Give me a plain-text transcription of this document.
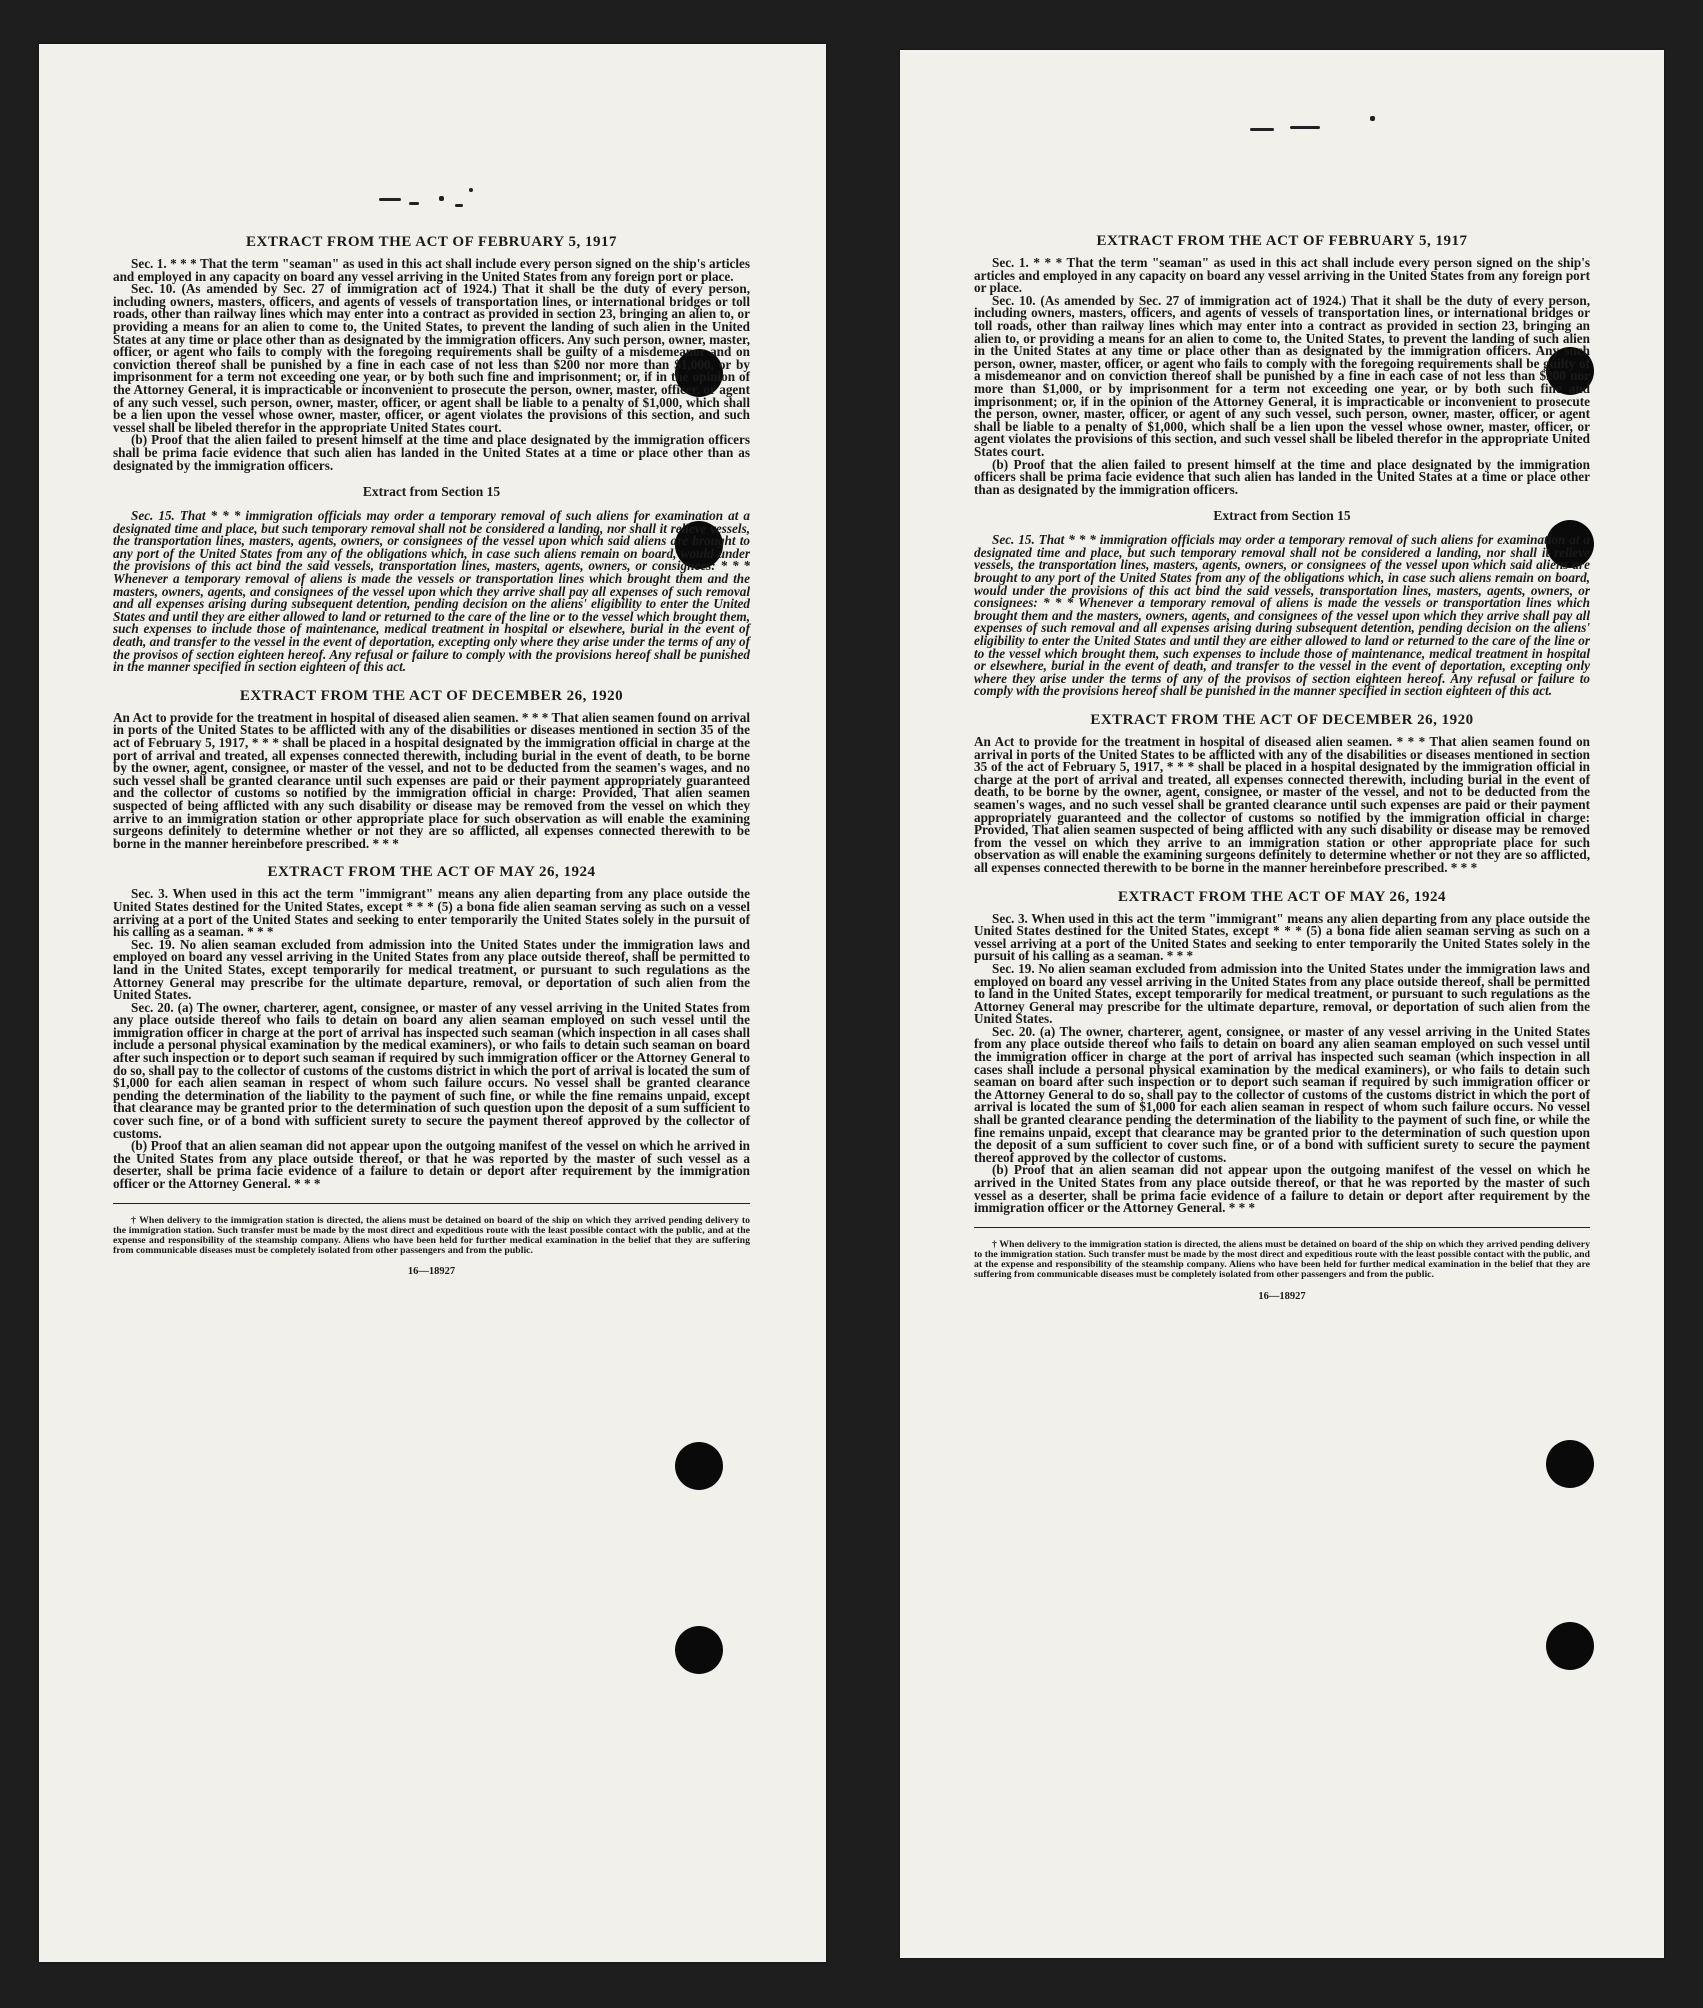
EXTRACT FROM THE ACT OF FEBRUARY 5, 1917

Sec. 1. * * * That the term "seaman" as used in this act shall include every person signed on the ship's articles and employed in any capacity on board any vessel arriving in the United States from any foreign port or place.

Sec. 10. (As amended by Sec. 27 of immigration act of 1924.) That it shall be the duty of every person, including owners, masters, officers, and agents of vessels of transportation lines, or international bridges or toll roads, other than railway lines which may enter into a contract as provided in section 23, bringing an alien to, or providing a means for an alien to come to, the United States, to prevent the landing of such alien in the United States at any time or place other than as designated by the immigration officers. Any such person, owner, master, officer, or agent who fails to comply with the foregoing requirements shall be guilty of a misdemeanor and on conviction thereof shall be punished by a fine in each case of not less than $200 nor more than $1,000, or by imprisonment for a term not exceeding one year, or by both such fine and imprisonment; or, if in the opinion of the Attorney General, it is impracticable or inconvenient to prosecute the person, owner, master, officer, or agent of any such vessel, such person, owner, master, officer, or agent shall be liable to a penalty of $1,000, which shall be a lien upon the vessel whose owner, master, officer, or agent violates the provisions of this section, and such vessel shall be libeled therefor in the appropriate United States court.

(b) Proof that the alien failed to present himself at the time and place designated by the immigration officers shall be prima facie evidence that such alien has landed in the United States at a time or place other than as designated by the immigration officers.

Extract from Section 15

Sec. 15. That * * * immigration officials may order a temporary removal of such aliens for examination at a designated time and place, but such temporary removal shall not be considered a landing, nor shall it relieve vessels, the transportation lines, masters, agents, owners, or consignees of the vessel upon which said aliens are brought to any port of the United States from any of the obligations which, in case such aliens remain on board, would under the provisions of this act bind the said vessels, transportation lines, masters, agents, owners, or consignees: * * * Whenever a temporary removal of aliens is made the vessels or transportation lines which brought them and the masters, owners, agents, and consignees of the vessel upon which they arrive shall pay all expenses of such removal and all expenses arising during subsequent detention, pending decision on the aliens' eligibility to enter the United States and until they are either allowed to land or returned to the care of the line or to the vessel which brought them, such expenses to include those of maintenance, medical treatment in hospital or elsewhere, burial in the event of death, and transfer to the vessel in the event of deportation, excepting only where they arise under the terms of any of the provisos of section eighteen hereof. Any refusal or failure to comply with the provisions hereof shall be punished in the manner specified in section eighteen of this act.

EXTRACT FROM THE ACT OF DECEMBER 26, 1920

An Act to provide for the treatment in hospital of diseased alien seamen. * * * That alien seamen found on arrival in ports of the United States to be afflicted with any of the disabilities or diseases mentioned in section 35 of the act of February 5, 1917, * * * shall be placed in a hospital designated by the immigration official in charge at the port of arrival and treated, all expenses connected therewith, including burial in the event of death, to be borne by the owner, agent, consignee, or master of the vessel, and not to be deducted from the seamen's wages, and no such vessel shall be granted clearance until such expenses are paid or their payment appropriately guaranteed and the collector of customs so notified by the immigration official in charge: Provided, That alien seamen suspected of being afflicted with any such disability or disease may be removed from the vessel on which they arrive to an immigration station or other appropriate place for such observation as will enable the examining surgeons definitely to determine whether or not they are so afflicted, all expenses connected therewith to be borne in the manner hereinbefore prescribed. * * *

EXTRACT FROM THE ACT OF MAY 26, 1924

Sec. 3. When used in this act the term "immigrant" means any alien departing from any place outside the United States destined for the United States, except * * * (5) a bona fide alien seaman serving as such on a vessel arriving at a port of the United States and seeking to enter temporarily the United States solely in the pursuit of his calling as a seaman. * * *

Sec. 19. No alien seaman excluded from admission into the United States under the immigration laws and employed on board any vessel arriving in the United States from any place outside thereof, shall be permitted to land in the United States, except temporarily for medical treatment, or pursuant to such regulations as the Attorney General may prescribe for the ultimate departure, removal, or deportation of such alien from the United States.

Sec. 20. (a) The owner, charterer, agent, consignee, or master of any vessel arriving in the United States from any place outside thereof who fails to detain on board any alien seaman employed on such vessel until the immigration officer in charge at the port of arrival has inspected such seaman (which inspection in all cases shall include a personal physical examination by the medical examiners), or who fails to detain such seaman on board after such inspection or to deport such seaman if required by such immigration officer or the Attorney General to do so, shall pay to the collector of customs of the customs district in which the port of arrival is located the sum of $1,000 for each alien seaman in respect of whom such failure occurs. No vessel shall be granted clearance pending the determination of the liability to the payment of such fine, or while the fine remains unpaid, except that clearance may be granted prior to the determination of such question upon the deposit of a sum sufficient to cover such fine, or of a bond with sufficient surety to secure the payment thereof approved by the collector of customs.

(b) Proof that an alien seaman did not appear upon the outgoing manifest of the vessel on which he arrived in the United States from any place outside thereof, or that he was reported by the master of such vessel as a deserter, shall be prima facie evidence of a failure to detain or deport after requirement by the immigration officer or the Attorney General. * * *

† When delivery to the immigration station is directed, the aliens must be detained on board of the ship on which they arrived pending delivery to the immigration station. Such transfer must be made by the most direct and expeditious route with the least possible contact with the public, and at the expense and responsibility of the steamship company. Aliens who have been held for further medical examination in the belief that they are suffering from communicable diseases must be completely isolated from other passengers and from the public.

16—18927
EXTRACT FROM THE ACT OF FEBRUARY 5, 1917

Sec. 1. * * * That the term "seaman" as used in this act shall include every person signed on the ship's articles and employed in any capacity on board any vessel arriving in the United States from any foreign port or place.

Sec. 10. (As amended by Sec. 27 of immigration act of 1924.) That it shall be the duty of every person, including owners, masters, officers, and agents of vessels of transportation lines, or international bridges or toll roads, other than railway lines which may enter into a contract as provided in section 23, bringing an alien to, or providing a means for an alien to come to, the United States, to prevent the landing of such alien in the United States at any time or place other than as designated by the immigration officers. Any such person, owner, master, officer, or agent who fails to comply with the foregoing requirements shall be guilty of a misdemeanor and on conviction thereof shall be punished by a fine in each case of not less than $200 nor more than $1,000, or by imprisonment for a term not exceeding one year, or by both such fine and imprisonment; or, if in the opinion of the Attorney General, it is impracticable or inconvenient to prosecute the person, owner, master, officer, or agent of any such vessel, such person, owner, master, officer, or agent shall be liable to a penalty of $1,000, which shall be a lien upon the vessel whose owner, master, officer, or agent violates the provisions of this section, and such vessel shall be libeled therefor in the appropriate United States court.

(b) Proof that the alien failed to present himself at the time and place designated by the immigration officers shall be prima facie evidence that such alien has landed in the United States at a time or place other than as designated by the immigration officers.

Extract from Section 15

Sec. 15. That * * * immigration officials may order a temporary removal of such aliens for examination at a designated time and place, but such temporary removal shall not be considered a landing, nor shall it relieve vessels, the transportation lines, masters, agents, owners, or consignees of the vessel upon which said aliens are brought to any port of the United States from any of the obligations which, in case such aliens remain on board, would under the provisions of this act bind the said vessels, transportation lines, masters, agents, owners, or consignees: * * * Whenever a temporary removal of aliens is made the vessels or transportation lines which brought them and the masters, owners, agents, and consignees of the vessel upon which they arrive shall pay all expenses of such removal and all expenses arising during subsequent detention, pending decision on the aliens' eligibility to enter the United States and until they are either allowed to land or returned to the care of the line or to the vessel which brought them, such expenses to include those of maintenance, medical treatment in hospital or elsewhere, burial in the event of death, and transfer to the vessel in the event of deportation, excepting only where they arise under the terms of any of the provisos of section eighteen hereof. Any refusal or failure to comply with the provisions hereof shall be punished in the manner specified in section eighteen of this act.

EXTRACT FROM THE ACT OF DECEMBER 26, 1920

An Act to provide for the treatment in hospital of diseased alien seamen. * * * That alien seamen found on arrival in ports of the United States to be afflicted with any of the disabilities or diseases mentioned in section 35 of the act of February 5, 1917, * * * shall be placed in a hospital designated by the immigration official in charge at the port of arrival and treated, all expenses connected therewith, including burial in the event of death, to be borne by the owner, agent, consignee, or master of the vessel, and not to be deducted from the seamen's wages, and no such vessel shall be granted clearance until such expenses are paid or their payment appropriately guaranteed and the collector of customs so notified by the immigration official in charge: Provided, That alien seamen suspected of being afflicted with any such disability or disease may be removed from the vessel on which they arrive to an immigration station or other appropriate place for such observation as will enable the examining surgeons definitely to determine whether or not they are so afflicted, all expenses connected therewith to be borne in the manner hereinbefore prescribed. * * *

EXTRACT FROM THE ACT OF MAY 26, 1924

Sec. 3. When used in this act the term "immigrant" means any alien departing from any place outside the United States destined for the United States, except * * * (5) a bona fide alien seaman serving as such on a vessel arriving at a port of the United States and seeking to enter temporarily the United States solely in the pursuit of his calling as a seaman. * * *

Sec. 19. No alien seaman excluded from admission into the United States under the immigration laws and employed on board any vessel arriving in the United States from any place outside thereof, shall be permitted to land in the United States, except temporarily for medical treatment, or pursuant to such regulations as the Attorney General may prescribe for the ultimate departure, removal, or deportation of such alien from the United States.

Sec. 20. (a) The owner, charterer, agent, consignee, or master of any vessel arriving in the United States from any place outside thereof who fails to detain on board any alien seaman employed on such vessel until the immigration officer in charge at the port of arrival has inspected such seaman (which inspection in all cases shall include a personal physical examination by the medical examiners), or who fails to detain such seaman on board after such inspection or to deport such seaman if required by such immigration officer or the Attorney General to do so, shall pay to the collector of customs of the customs district in which the port of arrival is located the sum of $1,000 for each alien seaman in respect of whom such failure occurs. No vessel shall be granted clearance pending the determination of the liability to the payment of such fine, or while the fine remains unpaid, except that clearance may be granted prior to the determination of such question upon the deposit of a sum sufficient to cover such fine, or of a bond with sufficient surety to secure the payment thereof approved by the collector of customs.

(b) Proof that an alien seaman did not appear upon the outgoing manifest of the vessel on which he arrived in the United States from any place outside thereof, or that he was reported by the master of such vessel as a deserter, shall be prima facie evidence of a failure to detain or deport after requirement by the immigration officer or the Attorney General. * * *

† When delivery to the immigration station is directed, the aliens must be detained on board of the ship on which they arrived pending delivery to the immigration station. Such transfer must be made by the most direct and expeditious route with the least possible contact with the public, and at the expense and responsibility of the steamship company. Aliens who have been held for further medical examination in the belief that they are suffering from communicable diseases must be completely isolated from other passengers and from the public.

16—18927
